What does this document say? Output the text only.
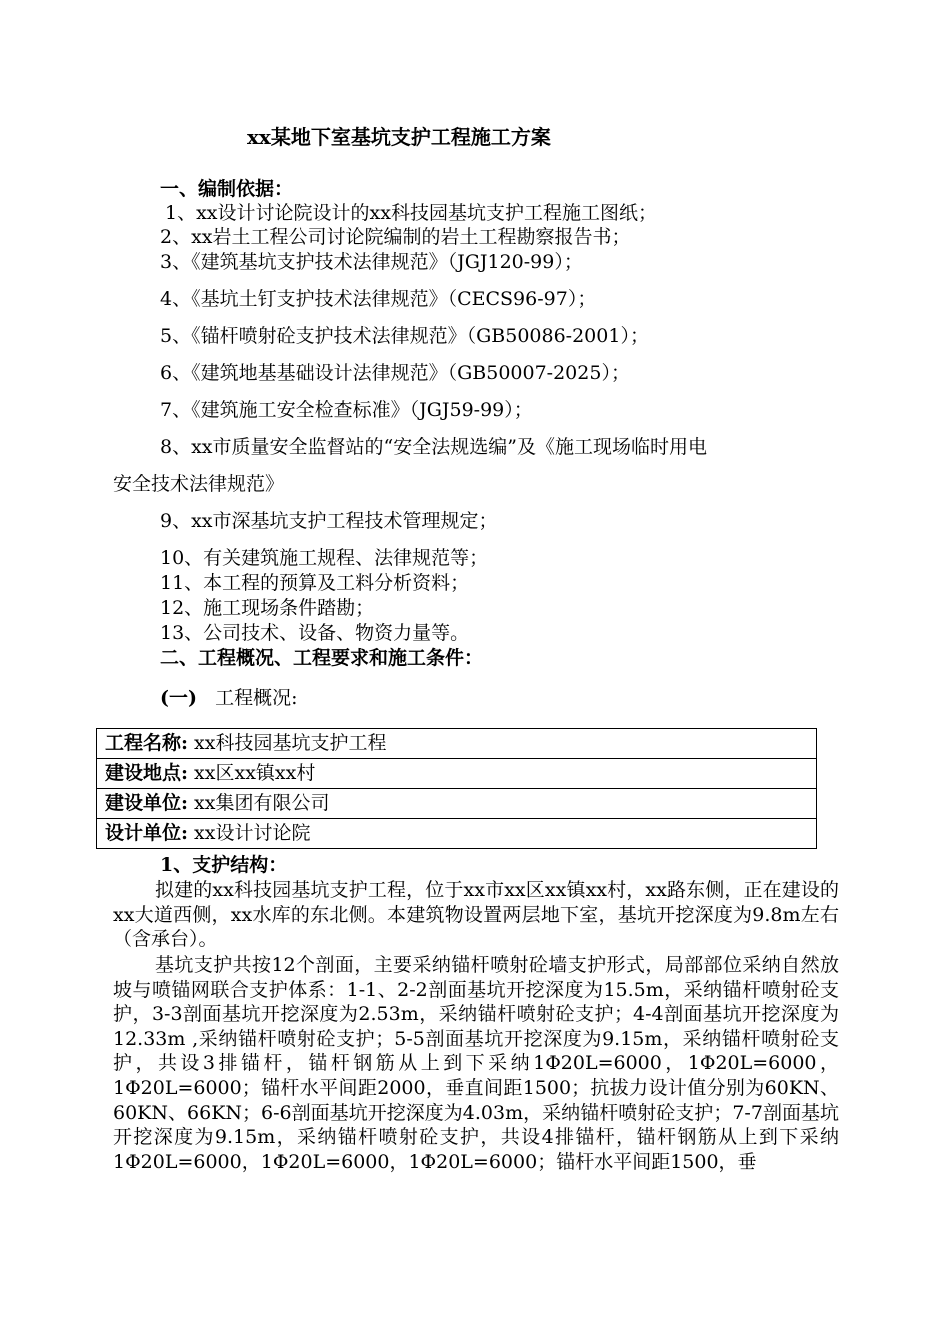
xx某地下室基坑支护工程施工方案
一、编制依据：
1、xx设计讨论院设计的xx科技园基坑支护工程施工图纸；
2、xx岩土工程公司讨论院编制的岩土工程勘察报告书；
3、《建筑基坑支护技术法律规范》（JGJ120-99）；
4、《基坑土钉支护技术法律规范》（CECS96-97）；
5、《锚杆喷射砼支护技术法律规范》（GB50086-2001）；
6、《建筑地基基础设计法律规范》（GB50007-2025）；
7、《建筑施工安全检查标准》（JGJ59-99）；
8、xx市质量安全监督站的“安全法规选编”及《施工现场临时用电
安全技术法律规范》
9、xx市深基坑支护工程技术管理规定；
10、有关建筑施工规程、法律规范等；
11、本工程的预算及工料分析资料；
12、施工现场条件踏勘；
13、公司技术、设备、物资力量等。
二、工程概况、工程要求和施工条件：
(一) 工程概况:
工程名称: xx科技园基坑支护工程
建设地点: xx区xx镇xx村
建设单位: xx集团有限公司
设计单位: xx设计讨论院
1、支护结构：

拟建的xx科技园基坑支护工程，位于xx市xx区xx镇xx村，xx路东侧，正在建设的xx大道西侧，xx水库的东北侧。本建筑物设置两层地下室，基坑开挖深度为9.8m左右（含承台）。

基坑支护共按12个剖面，主要采纳锚杆喷射砼墙支护形式，局部部位采纳自然放坡与喷锚网联合支护体系：1-1、2-2剖面基坑开挖深度为15.5m，采纳锚杆喷射砼支护，3-3剖面基坑开挖深度为2.53m，采纳锚杆喷射砼支护；4-4剖面基坑开挖深度为12.33m ,采纳锚杆喷射砼支护；5-5剖面基坑开挖深度为9.15m，采纳锚杆喷射砼支护，共设3排锚杆，锚杆钢筋从上到下采纳1Φ20L=6000，1Φ20L=6000，1Φ20L=6000；锚杆水平间距2000，垂直间距1500；抗拔力设计值分别为60KN、60KN、66KN；6-6剖面基坑开挖深度为4.03m，采纳锚杆喷射砼支护；7-7剖面基坑开挖深度为9.15m，采纳锚杆喷射砼支护，共设4排锚杆，锚杆钢筋从上到下采纳1Φ20L=6000，1Φ20L=6000，1Φ20L=6000；锚杆水平间距1500，垂
